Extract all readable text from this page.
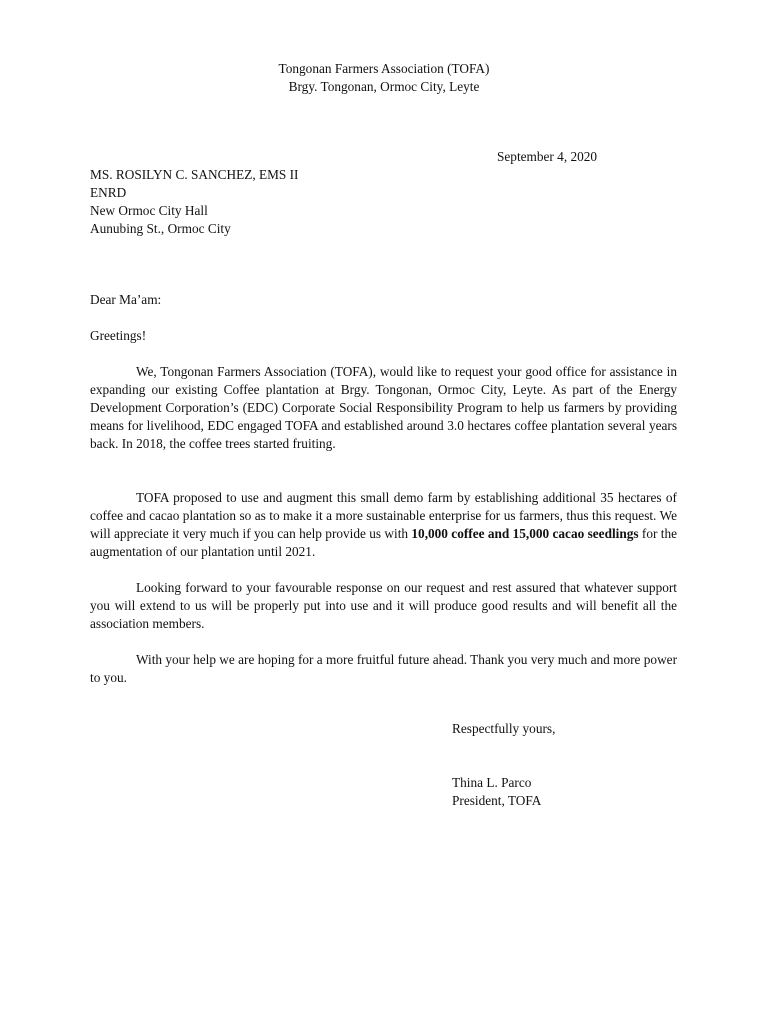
Tongonan Farmers Association (TOFA)
Brgy. Tongonan, Ormoc City, Leyte
September 4, 2020
MS. ROSILYN C. SANCHEZ, EMS II
ENRD
New Ormoc City Hall
Aunubing St., Ormoc City
Dear Ma’am:
Greetings!

We, Tongonan Farmers Association (TOFA), would like to request your good office for assistance in expanding our existing Coffee plantation at Brgy. Tongonan, Ormoc City, Leyte. As part of the Energy Development Corporation’s (EDC) Corporate Social Responsibility Program to help us farmers by providing means for livelihood, EDC engaged TOFA and established around 3.0 hectares coffee plantation several years back. In 2018, the coffee trees started fruiting.

TOFA proposed to use and augment this small demo farm by establishing additional 35 hectares of coffee and cacao plantation so as to make it a more sustainable enterprise for us farmers, thus this request. We will appreciate it very much if you can help provide us with 10,000 coffee and 15,000 cacao seedlings for the augmentation of our plantation until 2021.

Looking forward to your favourable response on our request and rest assured that whatever support you will extend to us will be properly put into use and it will produce good results and will benefit all the association members.

With your help we are hoping for a more fruitful future ahead. Thank you very much and more power to you.

Respectfully yours,
Thina L. Parco
President, TOFA
